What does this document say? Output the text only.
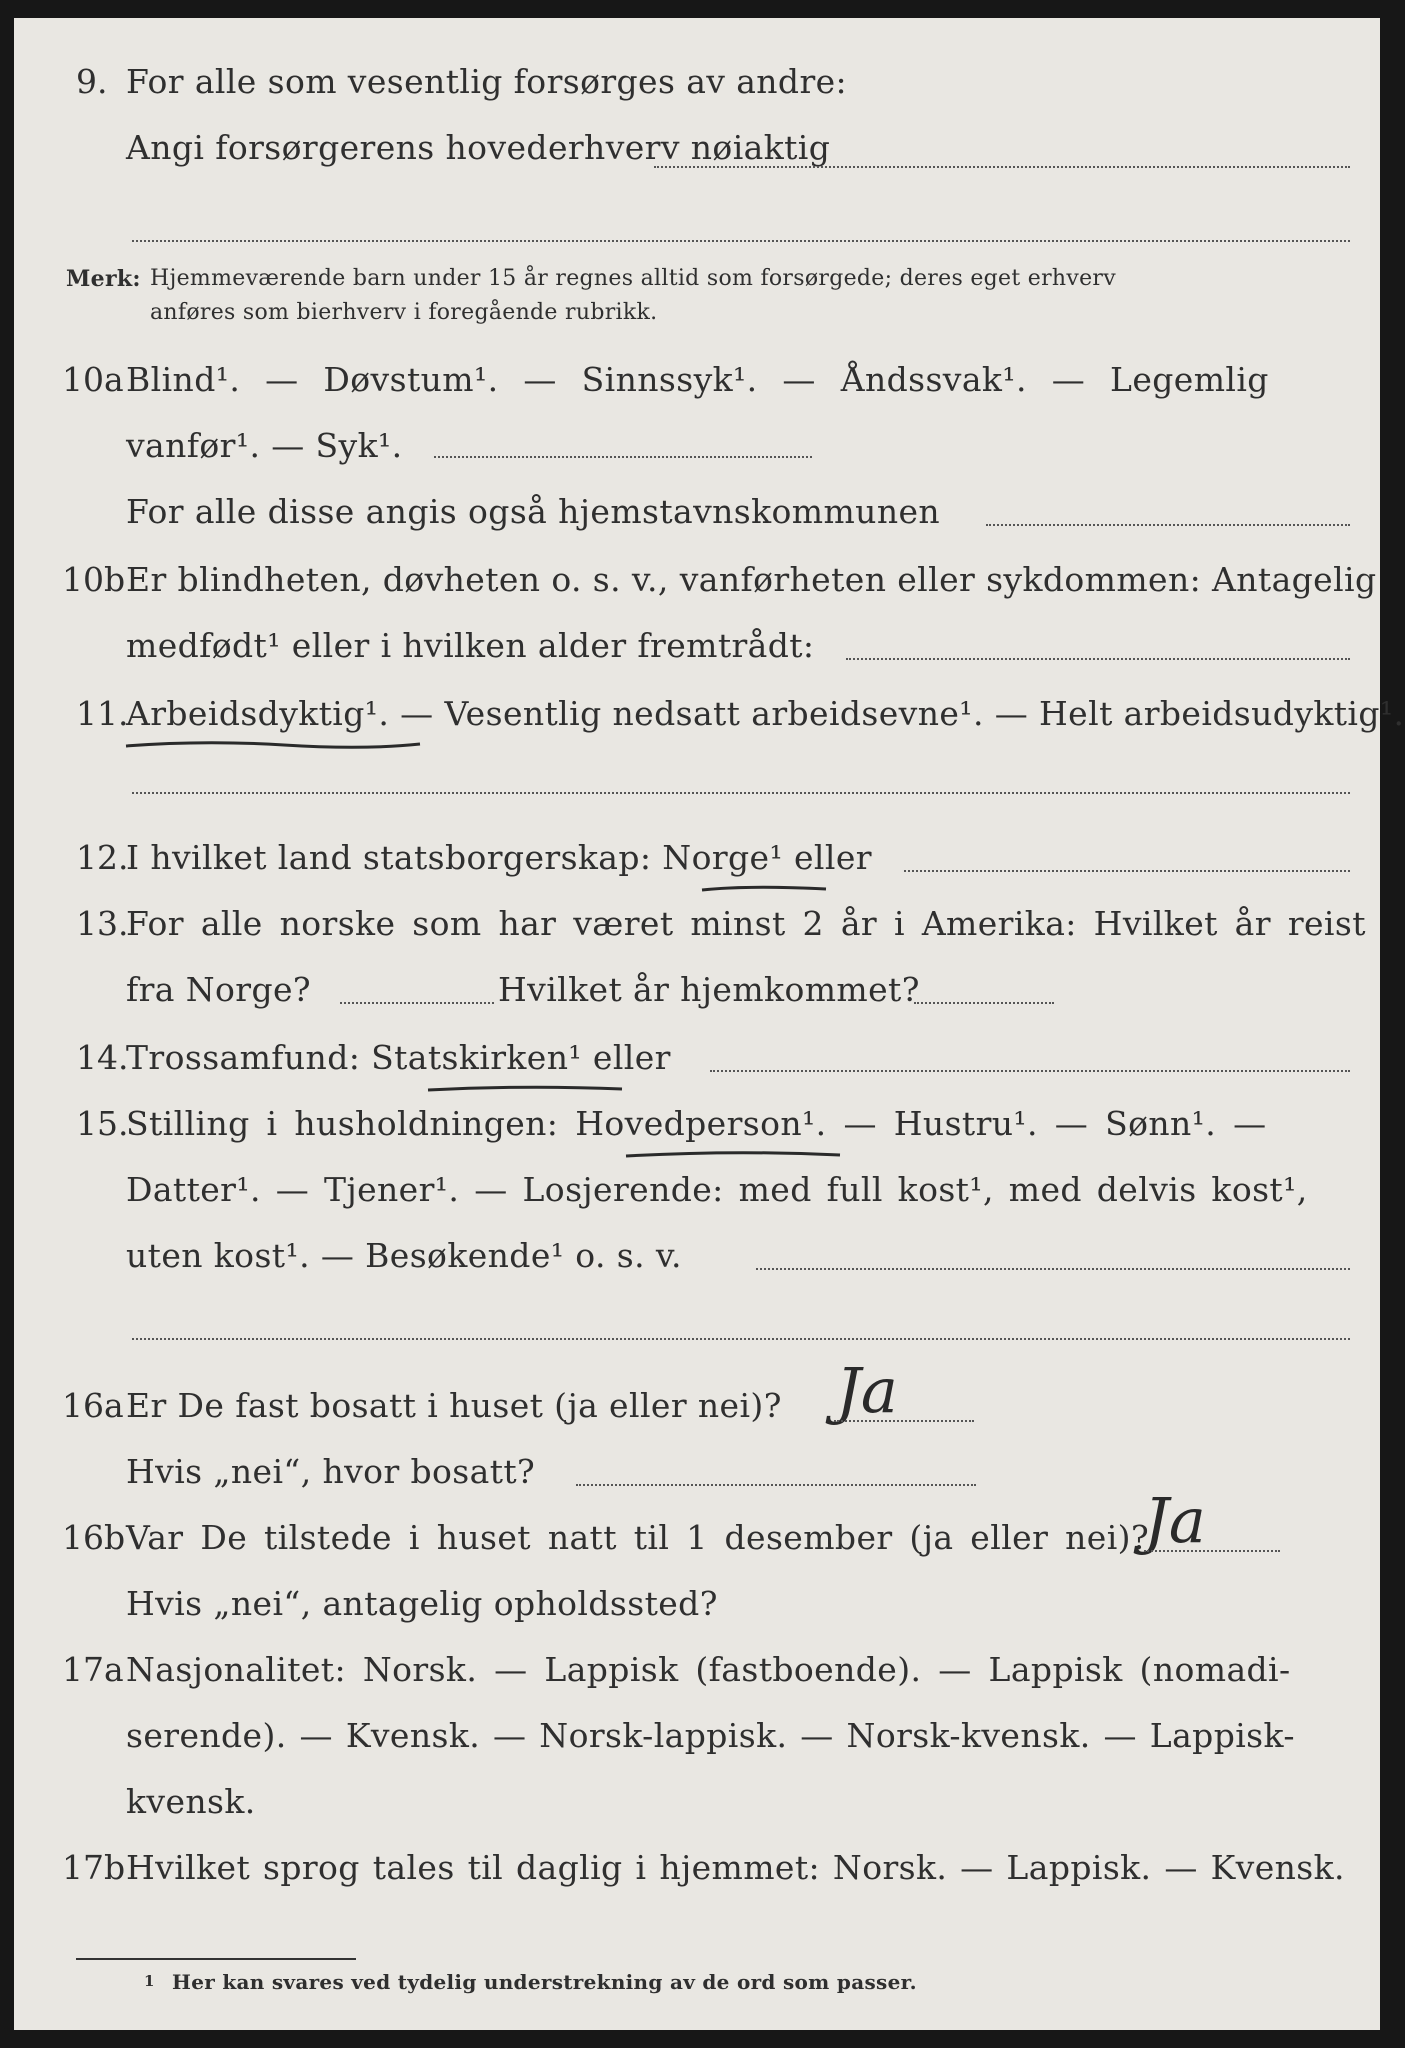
9. For alle som vesentlig forsørges av andre:
Angi forsørgerens hovederhverv nøiaktig
Merk: Hjemmeværende barn under 15 år regnes alltid som forsørgede; deres eget erhverv
anføres som bierhverv i foregående rubrikk.
10a Blind¹. — Døvstum¹. — Sinnssyk¹. — Åndssvak¹. — Legemlig
vanfør¹. — Syk¹.
For alle disse angis også hjemstavnskommunen
10b Er blindheten, døvheten o. s. v., vanførheten eller sykdommen: Antagelig
medfødt¹ eller i hvilken alder fremtrådt:
11.
Arbeidsdyktig¹. — Vesentlig nedsatt arbeidsevne¹. — Helt arbeidsudyktig¹.
12.
I hvilket land statsborgerskap: Norge¹ eller
13.
For alle norske som har været minst 2 år i Amerika: Hvilket år reist
fra Norge?	Hvilket år hjemkommet?
14.
Trossamfund: Statskirken¹ eller
15.
Stilling i husholdningen: Hovedperson¹. — Hustru¹. — Sønn¹. —
Datter¹. — Tjener¹. — Losjerende: med full kost¹, med delvis kost¹,
uten kost¹. — Besøkende¹ o. s. v.
16a Er De fast bosatt i huset (ja eller nei)? Ja
Hvis „nei“, hvor bosatt?
16b Var De tilstede i huset natt til 1 desember (ja eller nei)?
Ja
Hvis „nei“, antagelig opholdssted?
17a Nasjonalitet: Norsk. — Lappisk (fastboende). — Lappisk (nomadi-
serende). — Kvensk. — Norsk-lappisk. — Norsk-kvensk. — Lappisk-
kvensk.
17b Hvilket sprog tales til daglig i hjemmet: Norsk. — Lappisk. — Kvensk.
1 Her kan svares ved tydelig understrekning av de ord som passer.
